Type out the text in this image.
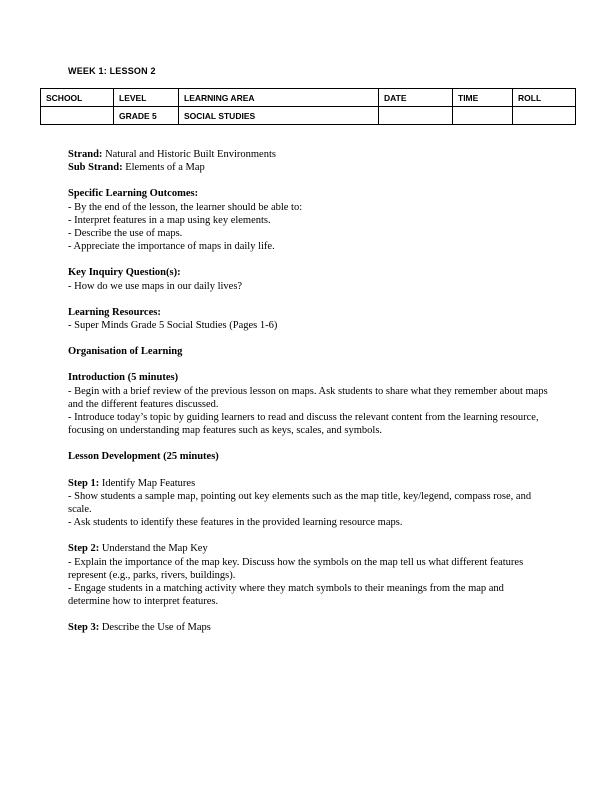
WEEK 1: LESSON 2

SCHOOL	LEVEL	LEARNING AREA	DATE	TIME	ROLL
	GRADE 5	SOCIAL STUDIES			

Strand: Natural and Historic Built Environments

Sub Strand: Elements of a Map

Specific Learning Outcomes:

- By the end of the lesson, the learner should be able to:

- Interpret features in a map using key elements.

- Describe the use of maps.

- Appreciate the importance of maps in daily life.

Key Inquiry Question(s):

- How do we use maps in our daily lives?

Learning Resources:

- Super Minds Grade 5 Social Studies (Pages 1-6)

Organisation of Learning

Introduction (5 minutes)

- Begin with a brief review of the previous lesson on maps. Ask students to share what they remember about maps and the different features discussed.

- Introduce today’s topic by guiding learners to read and discuss the relevant content from the learning resource, focusing on understanding map features such as keys, scales, and symbols.

Lesson Development (25 minutes)

Step 1: Identify Map Features

- Show students a sample map, pointing out key elements such as the map title, key/legend, compass rose, and scale.

- Ask students to identify these features in the provided learning resource maps.

Step 2: Understand the Map Key

- Explain the importance of the map key. Discuss how the symbols on the map tell us what different features represent (e.g., parks, rivers, buildings).

- Engage students in a matching activity where they match symbols to their meanings from the map and determine how to interpret features.

Step 3: Describe the Use of Maps
